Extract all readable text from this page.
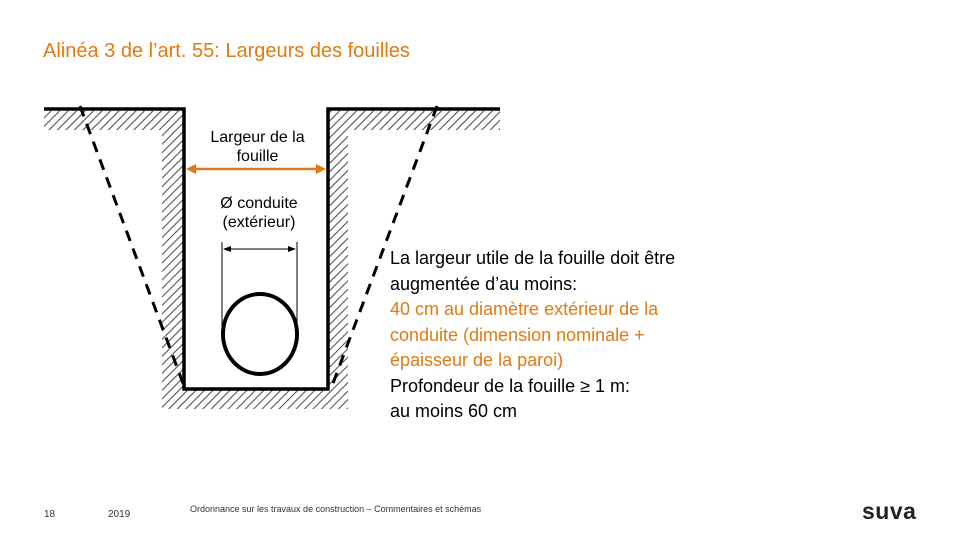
Alinéa 3 de l’art. 55: Largeurs des fouilles
Largeur de la
fouille
Ø conduite
(extérieur)
La largeur utile de la fouille doit être
augmentée d’au moins:
40 cm au diamètre extérieur de la
conduite (dimension nominale +
épaisseur de la paroi)
Profondeur de la fouille ≥ 1 m:
au moins 60 cm
18	2019	Ordonnance sur les travaux de construction – Commentaires et schémas	suva
